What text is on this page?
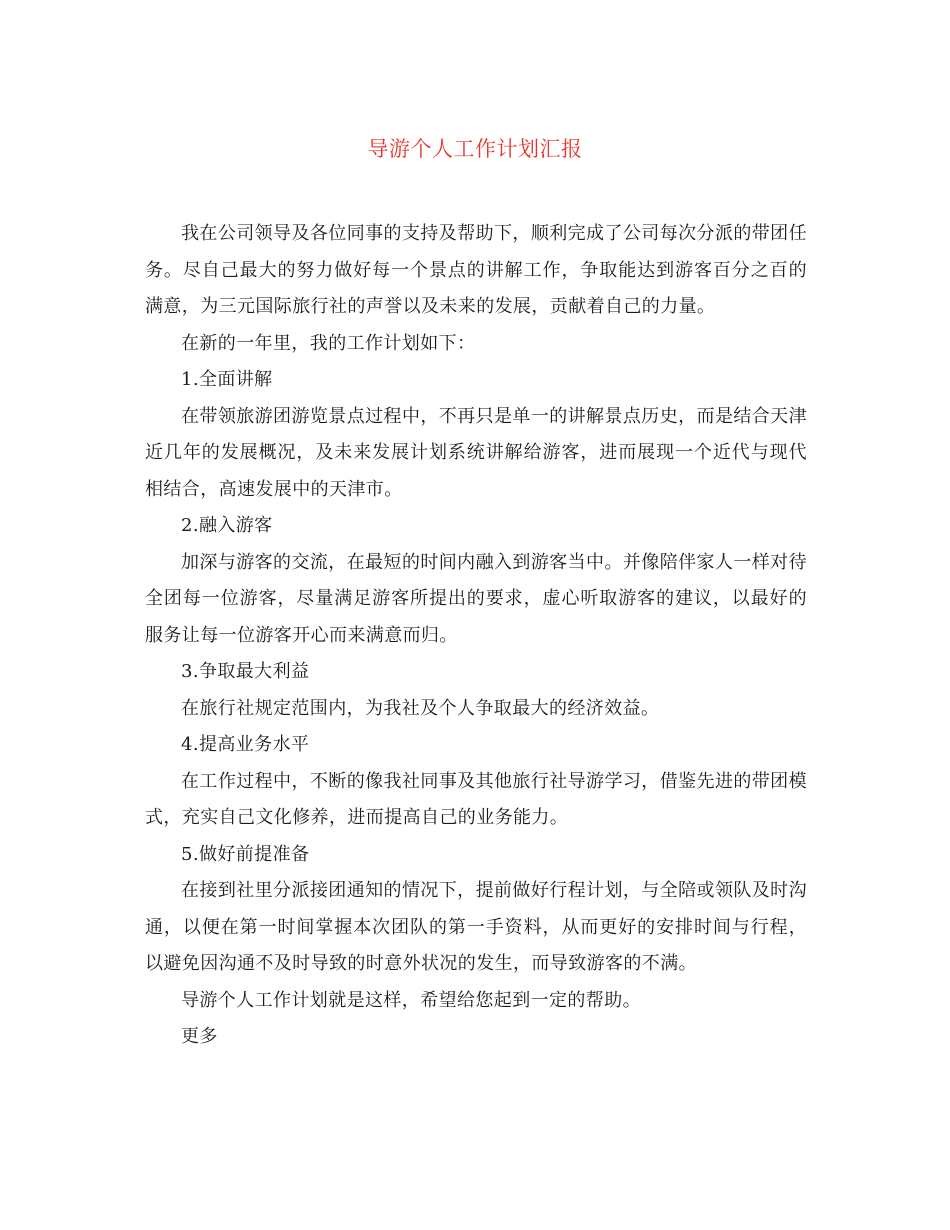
导游个人工作计划汇报

我在公司领导及各位同事的支持及帮助下，顺利完成了公司每次分派的带团任务。尽自己最大的努力做好每一个景点的讲解工作，争取能达到游客百分之百的满意，为三元国际旅行社的声誉以及未来的发展，贡献着自己的力量。

在新的一年里，我的工作计划如下：

1.全面讲解

在带领旅游团游览景点过程中，不再只是单一的讲解景点历史，而是结合天津近几年的发展概况，及未来发展计划系统讲解给游客，进而展现一个近代与现代相结合，高速发展中的天津市。

2.融入游客

加深与游客的交流，在最短的时间内融入到游客当中。并像陪伴家人一样对待全团每一位游客，尽量满足游客所提出的要求，虚心听取游客的建议，以最好的服务让每一位游客开心而来满意而归。

3.争取最大利益

在旅行社规定范围内，为我社及个人争取最大的经济效益。

4.提高业务水平

在工作过程中，不断的像我社同事及其他旅行社导游学习，借鉴先进的带团模式，充实自己文化修养，进而提高自己的业务能力。

5.做好前提准备

在接到社里分派接团通知的情况下，提前做好行程计划，与全陪或领队及时沟通，以便在第一时间掌握本次团队的第一手资料，从而更好的安排时间与行程，以避免因沟通不及时导致的时意外状况的发生，而导致游客的不满。

导游个人工作计划就是这样，希望给您起到一定的帮助。

更多
